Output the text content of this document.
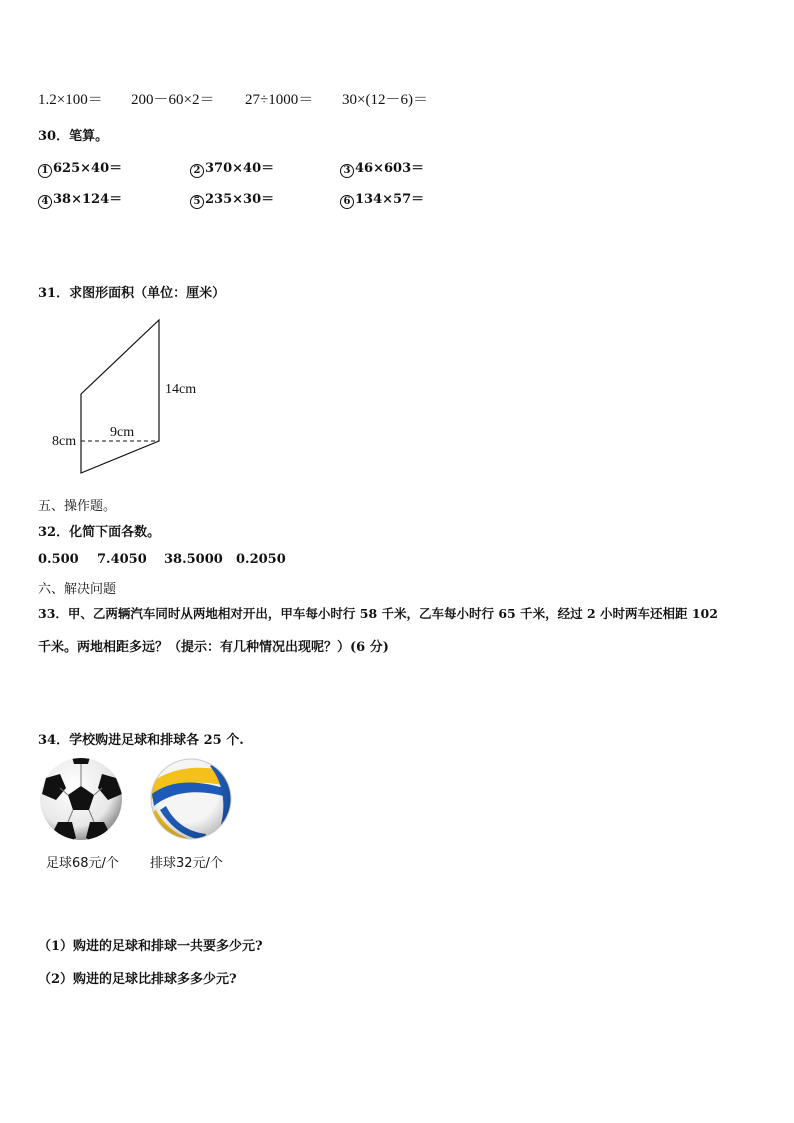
1.2×100＝ 200－60×2＝ 27÷1000＝ 30×(12－6)＝
30．笔算。
1 625×40＝	2 370×40＝	3 46×603＝
4 38×124＝	5 235×30＝	6 134×57＝
31．求图形面积（单位：厘米）
14cm
9cm
8cm
五、操作题。
32．化简下面各数。
0.500 7.4050 38.5000 0.2050
六、解决问题
33．甲、乙两辆汽车同时从两地相对开出，甲车每小时行 58 千米，乙车每小时行 65 千米，经过 2 小时两车还相距 102
千米。两地相距多远？（提示：有几种情况出现呢？）(6 分)
34．学校购进足球和排球各 25 个.
足球68元/个 排球32元/个
（1）购进的足球和排球一共要多少元?
（2）购进的足球比排球多多少元?
